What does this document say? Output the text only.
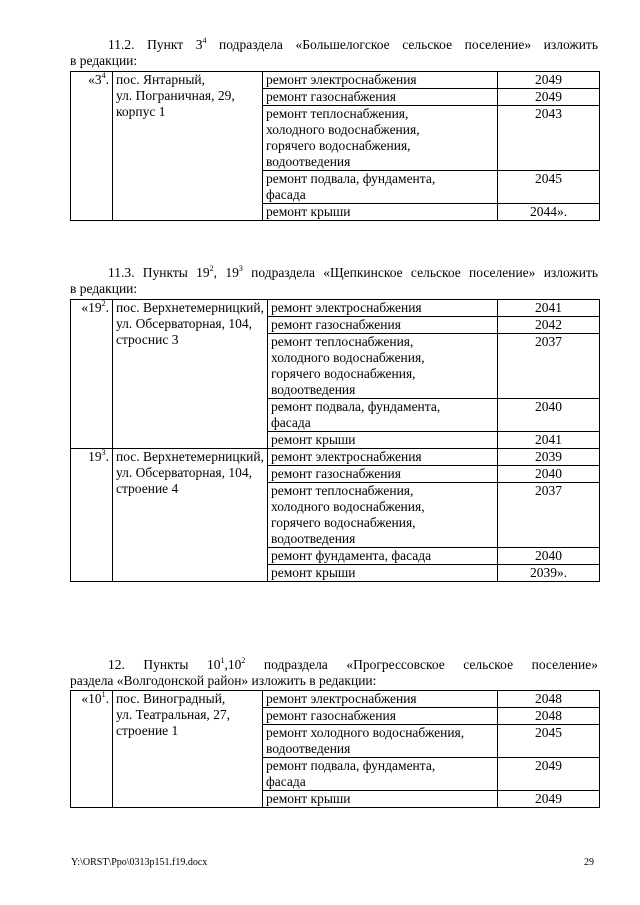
11.2. Пункт $3^4$ подраздела «Большелогское сельское поселение» изложить
в редакции:
«$3^4$.	пос. Янтарный,
ул. Пограничная, 29,
корпус 1	ремонт электроснабжения	2049
		ремонт газоснабжения	2049
		ремонт теплоснабжения,
холодного водоснабжения,
горячего водоснабжения,
водоотведения	2043
		ремонт подвала, фундамента,
фасада	2045
		ремонт крыши	2044».
11.3. Пункты $19^2$, $19^3$ подраздела «Щепкинское сельское поселение» изложить
в редакции:
«$19^2$.	пос. Верхнетемерницкий,
ул. Обсерваторная, 104,
строснис 3	ремонт электроснабжения	2041
		ремонт газоснабжения	2042
		ремонт теплоснабжения,
холодного водоснабжения,
горячего водоснабжения,
водоотведения	2037
		ремонт подвала, фундамента,
фасада	2040
		ремонт крыши	2041
$19^3$.	пос. Верхнетемерницкий,
ул. Обсерваторная, 104,
строение 4	ремонт электроснабжения	2039
		ремонт газоснабжения	2040
		ремонт теплоснабжения,
холодного водоснабжения,
горячего водоснабжения,
водоотведения	2037
		ремонт фундамента, фасада	2040
		ремонт крыши	2039».
12. Пункты $10^1,10^2$ подраздела «Прогрессовское сельское поселение»
раздела «Волгодонской район» изложить в редакции:
«$10^1$.	пос. Виноградный,
ул. Театральная, 27,
строение 1	ремонт электроснабжения	2048
		ремонт газоснабжения	2048
		ремонт холодного водоснабжения,
водоотведения	2045
		ремонт подвала, фундамента,
фасада	2049
		ремонт крыши	2049
Y:\ORST\Ppo\0313p151.f19.docx	29
